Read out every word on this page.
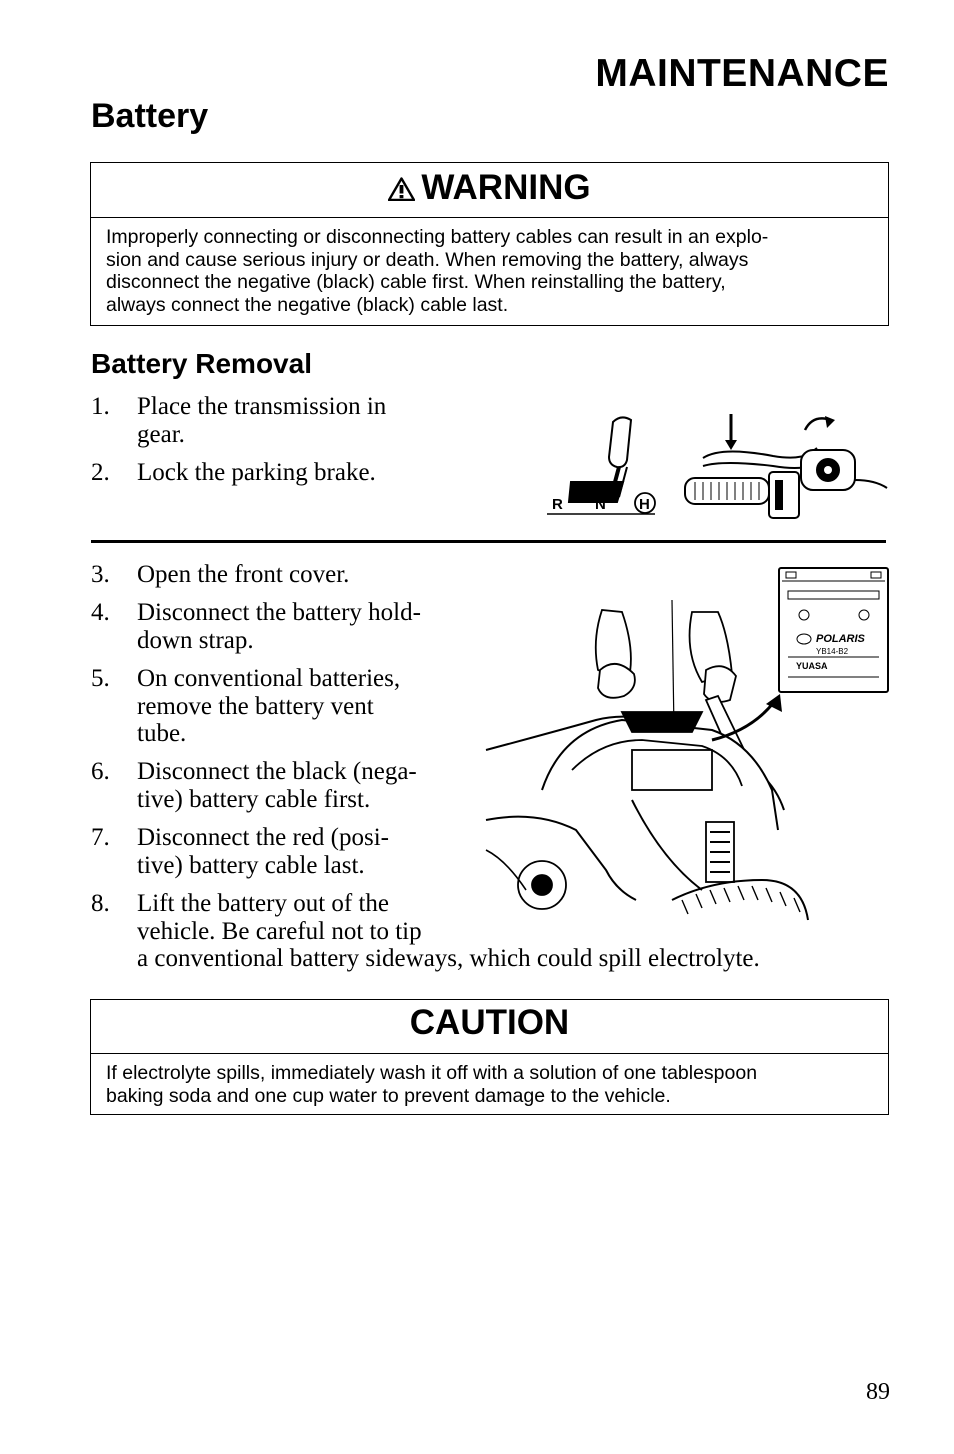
MAINTENANCE
Battery
WARNING
Improperly connecting or disconnecting battery cables can result in an explo-
sion and cause serious injury or death. When removing the battery, always
disconnect the negative (black) cable first. When reinstalling the battery,
always connect the negative (black) cable last.
Battery Removal
1.	Place the transmission in
gear.
2.	Lock the parking brake.
R N H
3.	Open the front cover.
4.	Disconnect the battery hold-
down strap.
5.	On conventional batteries,
remove the battery vent
tube.
6.	Disconnect the black (nega-
tive) battery cable first.
7.	Disconnect the red (posi-
tive) battery cable last.
8.	Lift the battery out of the
vehicle. Be careful not to tip
a conventional battery sideways, which could spill electrolyte.
POLARIS
YB14-B2
YUASA
CAUTION
If electrolyte spills, immediately wash it off with a solution of one tablespoon
baking soda and one cup water to prevent damage to the vehicle.
89
